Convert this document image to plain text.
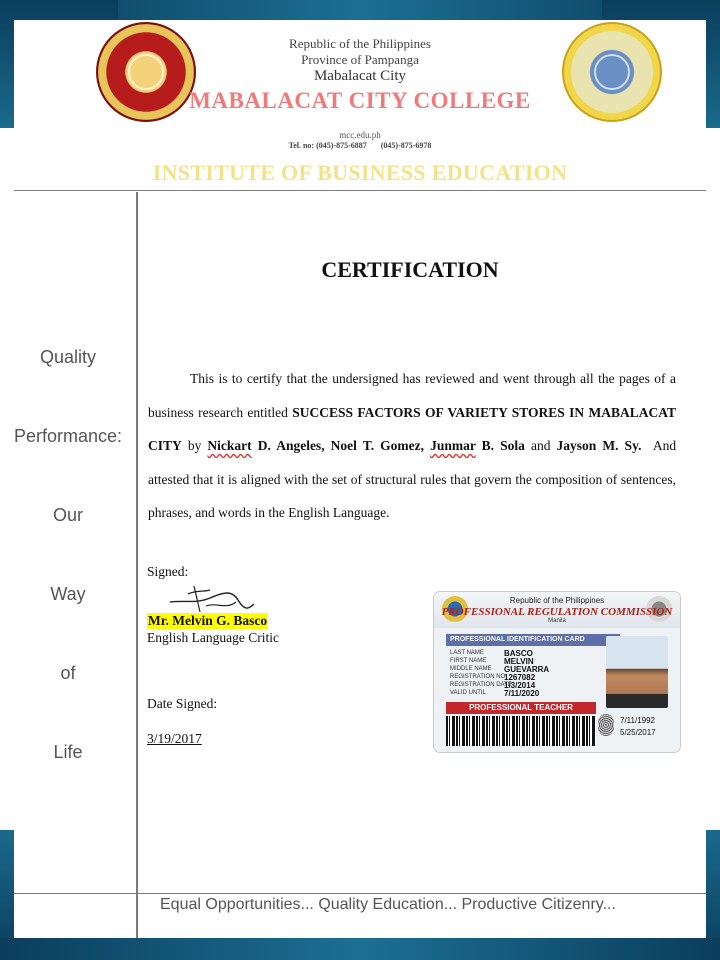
Republic of the Philippines
Province of Pampanga
Mabalacat City
MABALACAT CITY COLLEGE
mcc.edu.ph
Tel. no: (045)-875-6887 (045)-875-6978
INSTITUTE OF BUSINESS EDUCATION
Quality
Performance:
Our
Way
of
Life
CERTIFICATION

This is to certify that the undersigned has reviewed and went through all the pages of a business research entitled SUCCESS FACTORS OF VARIETY STORES IN MABALACAT CITY by Nickart D. Angeles, Noel T. Gomez, Junmar B. Sola and Jayson M. Sy. And attested that it is aligned with the set of structural rules that govern the composition of sentences, phrases, and words in the English Language.

Signed:
Mr. Melvin G. Basco
English Language Critic
Date Signed:
3/19/2017
Republic of the Philippines
PROFESSIONAL REGULATION COMMISSION
Manila
PROFESSIONAL IDENTIFICATION CARD
LAST NAME	BASCO
FIRST NAME MELVIN
MIDDLE NAME GUEVARRA
REGISTRATION NO.
1267082
REGISTRATION DATE
1/3/2014
VALID UNTIL 7/11/2020
PROFESSIONAL TEACHER
7/11/1992
5/25/2017
Equal Opportunities... Quality Education... Productive Citizenry...
